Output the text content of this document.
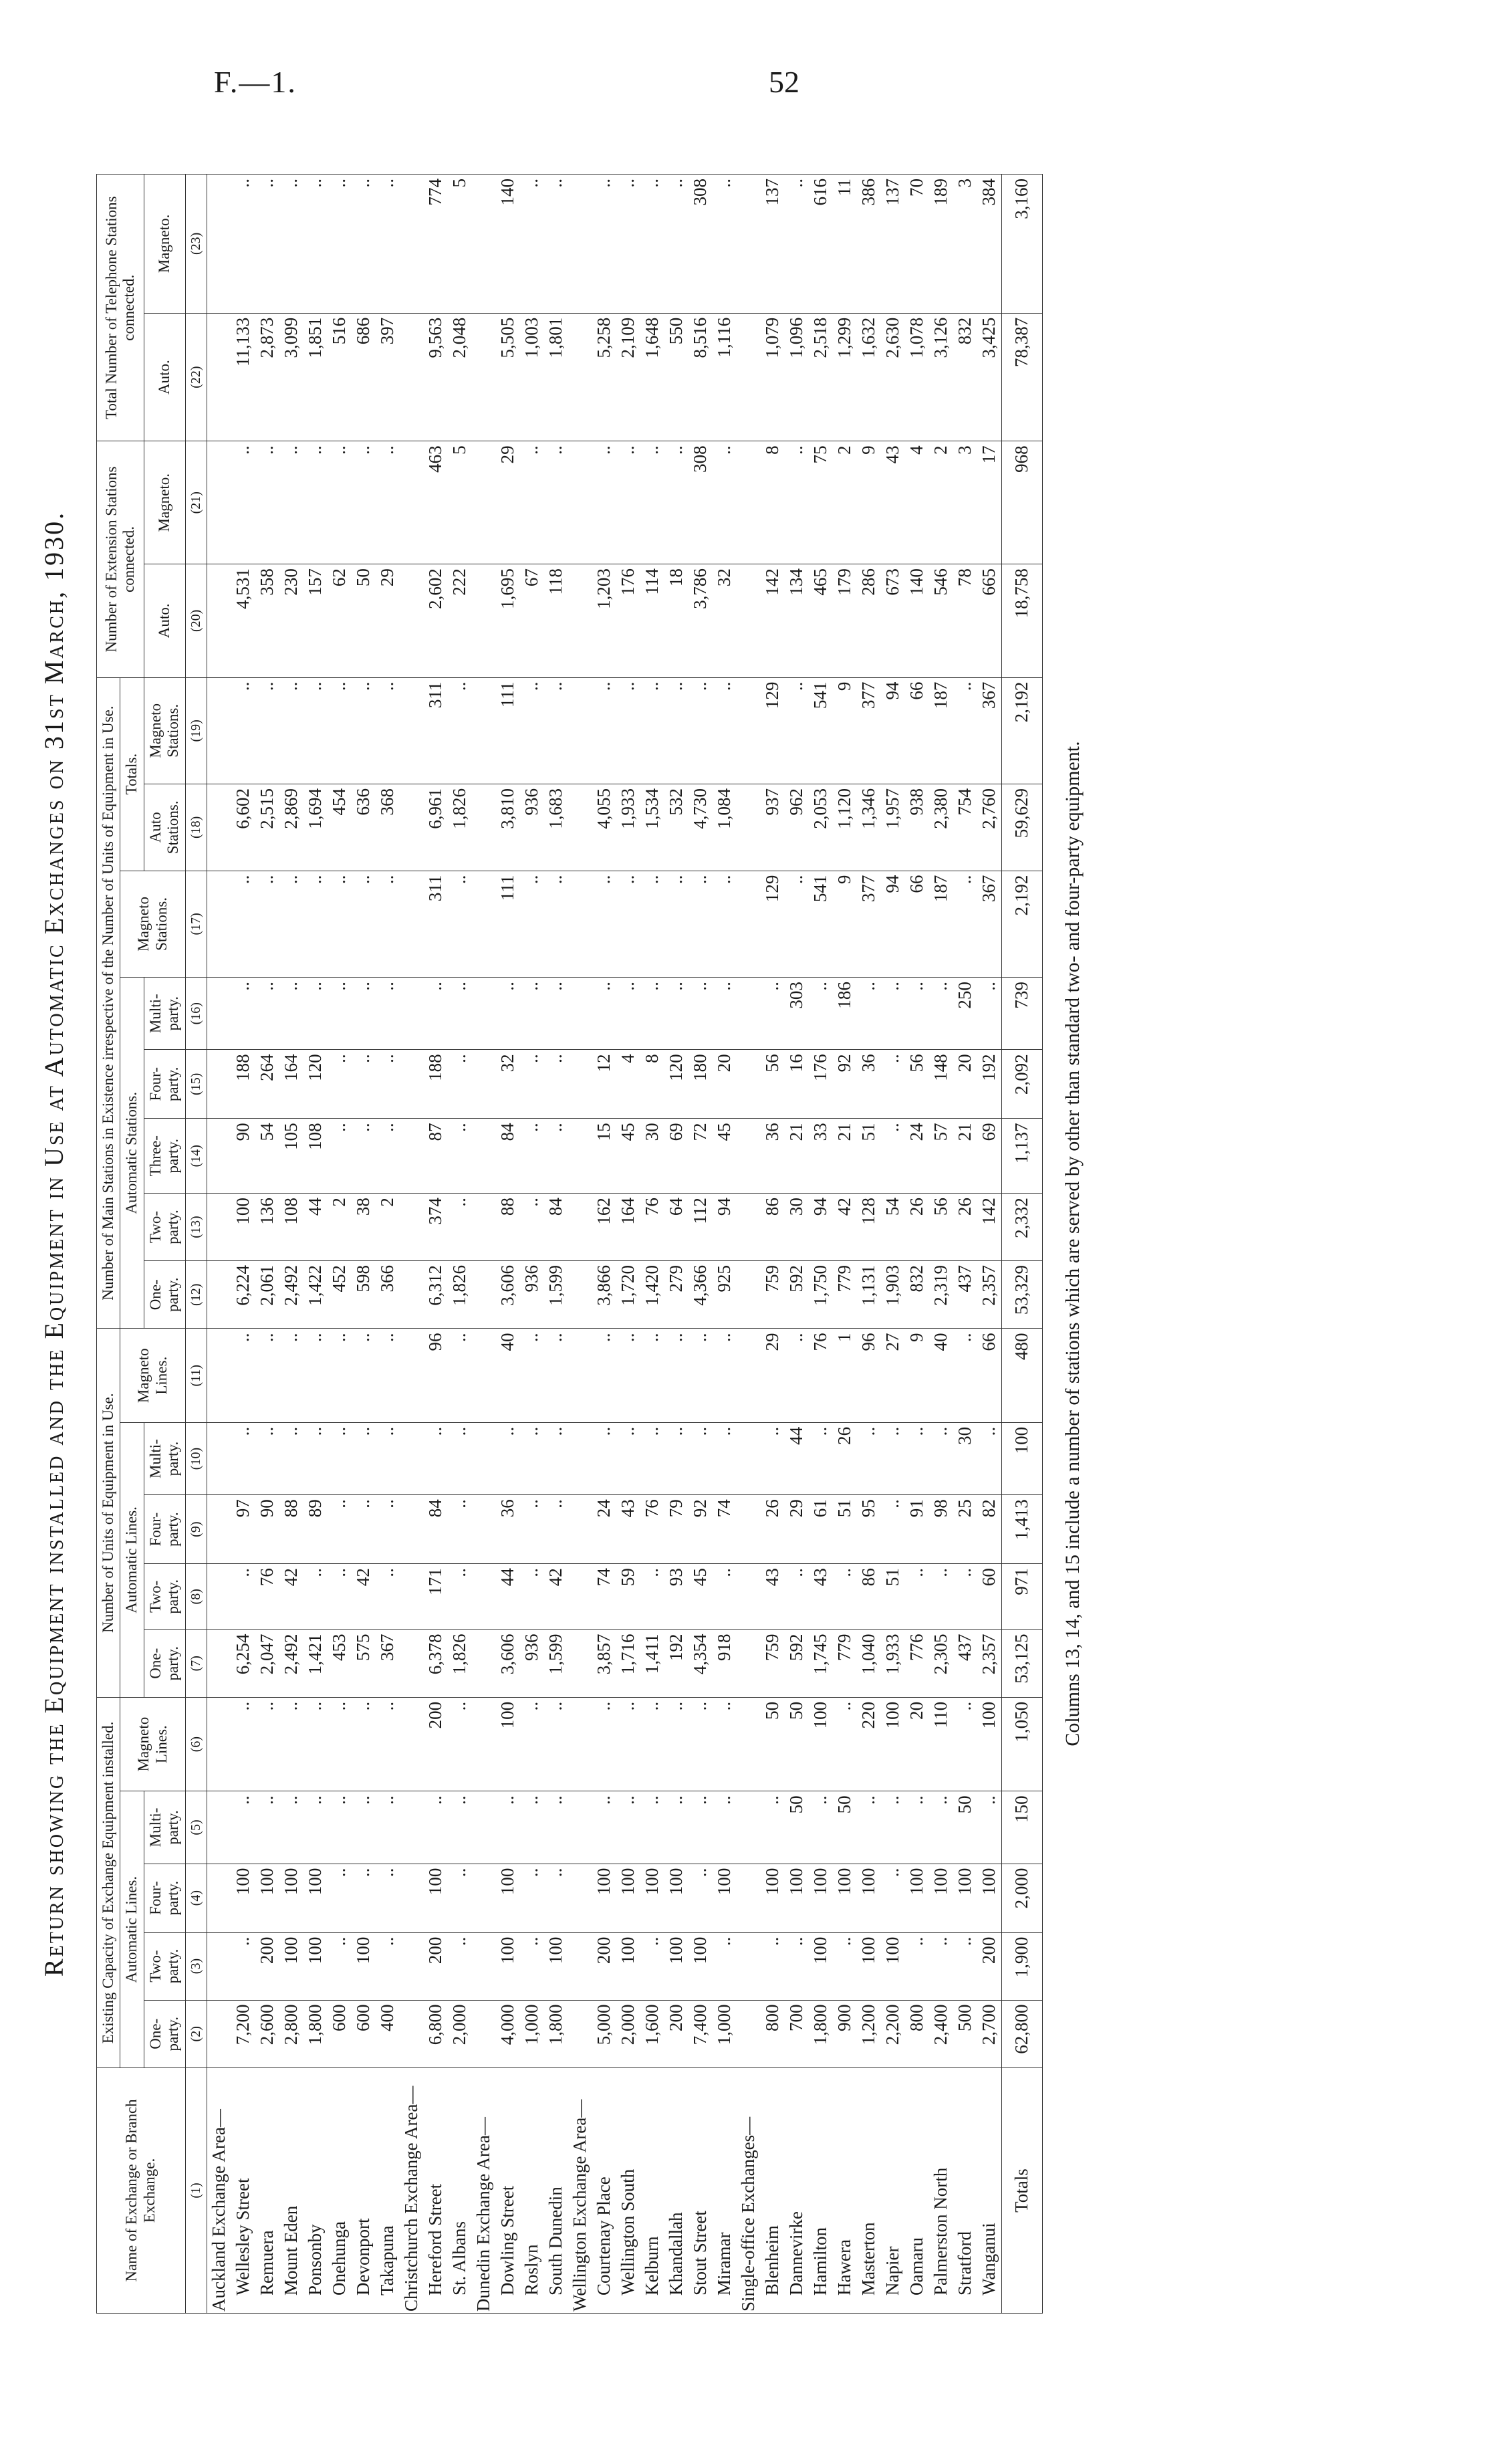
F.—1.	52
Return showing the Equipment installed and the Equipment in Use at Automatic Exchanges on 31st March, 1930.
Name of Exchange or Branch Exchange.	Existing Capacity of Exchange Equipment installed.					Number of Units of Equipment in Use.					Number of Main Stations in Existence irrespective of the Number of Units of Equipment in Use.								Number of Extension Stations connected.		Total Number of Telephone Stations connected.	
	Automatic Lines.				Magneto Lines.	Automatic Lines.				Magneto Lines.	Automatic Stations.					Magneto Stations.	Totals.					
	One-party.	Two-party.	Four-party.	Multi-party.		One-party.	Two-party.	Four-party.	Multi-party.		One-party.	Two-party.	Three-party.	Four-party.	Multi-party.		Auto Stations.	Magneto Stations.	Auto.	Magneto.	Auto.	Magneto.
(1)	(2)	(3)	(4)	(5)	(6)	(7)	(8)	(9)	(10)	(11)	(12)	(13)	(14)	(15)	(16)	(17)	(18)	(19)	(20)	(21)	(22)	(23)
Auckland Exchange Area—																						
Wellesley Street	7,200	..	100	..	..	6,254	..	97	..	..	6,224	100	90	188	..	..	6,602	..	4,531	..	11,133	..
Remuera	2,600	200	100	..	..	2,047	76	90	..	..	2,061	136	54	264	..	..	2,515	..	358	..	2,873	..
Mount Eden	2,800	100	100	..	..	2,492	42	88	..	..	2,492	108	105	164	..	..	2,869	..	230	..	3,099	..
Ponsonby	1,800	100	100	..	..	1,421	..	89	..	..	1,422	44	108	120	..	..	1,694	..	157	..	1,851	..
Onehunga	600	..	..	..	..	453	..	..	..	..	452	2	..	..	..	..	454	..	62	..	516	..
Devonport	600	100	..	..	..	575	42	..	..	..	598	38	..	..	..	..	636	..	50	..	686	..
Takapuna	400	..	..	..	..	367	..	..	..	..	366	2	..	..	..	..	368	..	29	..	397	..
Christchurch Exchange Area—																						
Hereford Street	6,800	200	100	..	200	6,378	171	84	..	96	6,312	374	87	188	..	311	6,961	311	2,602	463	9,563	774
St. Albans	2,000	..	..	..	..	1,826	..	..	..	..	1,826	..	..	..	..	..	1,826	..	222	5	2,048	5
Dunedin Exchange Area—																						
Dowling Street	4,000	100	100	..	100	3,606	44	36	..	40	3,606	88	84	32	..	111	3,810	111	1,695	29	5,505	140
Roslyn	1,000	..	..	..	..	936	..	..	..	..	936	..	..	..	..	..	936	..	67	..	1,003	..
South Dunedin	1,800	100	..	..	..	1,599	42	..	..	..	1,599	84	..	..	..	..	1,683	..	118	..	1,801	..
Wellington Exchange Area—																						
Courtenay Place	5,000	200	100	..	..	3,857	74	24	..	..	3,866	162	15	12	..	..	4,055	..	1,203	..	5,258	..
Wellington South	2,000	100	100	..	..	1,716	59	43	..	..	1,720	164	45	4	..	..	1,933	..	176	..	2,109	..
Kelburn	1,600	..	100	..	..	1,411	..	76	..	..	1,420	76	30	8	..	..	1,534	..	114	..	1,648	..
Khandallah	200	100	100	..	..	192	93	79	..	..	279	64	69	120	..	..	532	..	18	..	550	..
Stout Street	7,400	100	..	..	..	4,354	45	92	..	..	4,366	112	72	180	..	..	4,730	..	3,786	308	8,516	308
Miramar	1,000	..	100	..	..	918	..	74	..	..	925	94	45	20	..	..	1,084	..	32	..	1,116	..
Single-office Exchanges—																						
Blenheim	800	..	100	..	50	759	43	26	..	29	759	86	36	56	..	129	937	129	142	8	1,079	137
Dannevirke	700	..	100	50	50	592	..	29	44	..	592	30	21	16	303	..	962	..	134	..	1,096	..
Hamilton	1,800	100	100	..	100	1,745	43	61	..	76	1,750	94	33	176	..	541	2,053	541	465	75	2,518	616
Hawera	900	..	100	50	..	779	..	51	26	1	779	42	21	92	186	9	1,120	9	179	2	1,299	11
Masterton	1,200	100	100	..	220	1,040	86	95	..	96	1,131	128	51	36	..	377	1,346	377	286	9	1,632	386
Napier	2,200	100	..	..	100	1,933	51	..	..	27	1,903	54	..	..	..	94	1,957	94	673	43	2,630	137
Oamaru	800	..	100	..	20	776	..	91	..	9	832	26	24	56	..	66	938	66	140	4	1,078	70
Palmerston North	2,400	..	100	..	110	2,305	..	98	..	40	2,319	56	57	148	..	187	2,380	187	546	2	3,126	189
Stratford	500	..	100	50	..	437	..	25	30	..	437	26	21	20	250	..	754	..	78	3	832	3
Wanganui	2,700	200	100	..	100	2,357	60	82	..	66	2,357	142	69	192	..	367	2,760	367	665	17	3,425	384
Totals	62,800	1,900	2,000	150	1,050	53,125	971	1,413	100	480	53,329	2,332	1,137	2,092	739	2,192	59,629	2,192	18,758	968	78,387	3,160
Columns 13, 14, and 15 include a number of stations which are served by other than standard two- and four-party equipment.
